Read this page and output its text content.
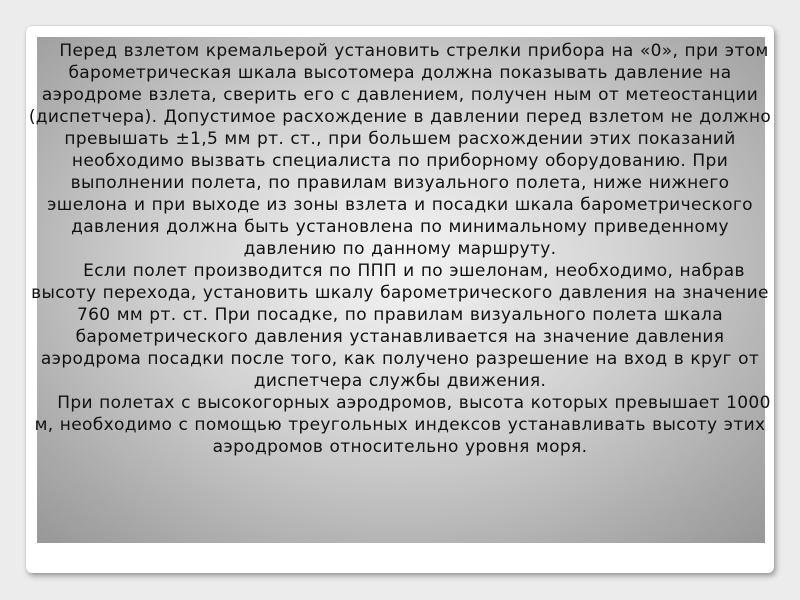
Перед взлетом кремальерой установить стрелки прибора на «0», при этом барометрическая шкала высотомера должна показывать давление на аэродроме взлета, сверить его с давлением, получен ным от метеостанции (диспетчера). Допустимое расхождение в давлении перед взлетом не должно превышать ±1,5 мм рт. ст., при большем расхождении этих показаний необходимо вызвать специалиста по приборному оборудованию. При выполнении полета, по правилам визуального полета, ниже нижнего эшелона и при выходе из зоны взлета и посадки шкала барометрического давления должна быть установлена по минимальному приведенному давлению по данному маршруту.

Если полет производится по ППП и по эшелонам, необходимо, набрав высоту перехода, установить шкалу барометрического давления на значение 760 мм рт. ст. При посадке, по правилам визуального полета шкала барометрического давления устанавливается на значение давления аэродрома посадки после того, как получено разрешение на вход в круг от диспетчера службы движения.

При полетах с высокогорных аэродромов, высота которых превышает 1000 м, необходимо с помощью треугольных индексов устанавливать высоту этих аэродромов относительно уровня моря.
